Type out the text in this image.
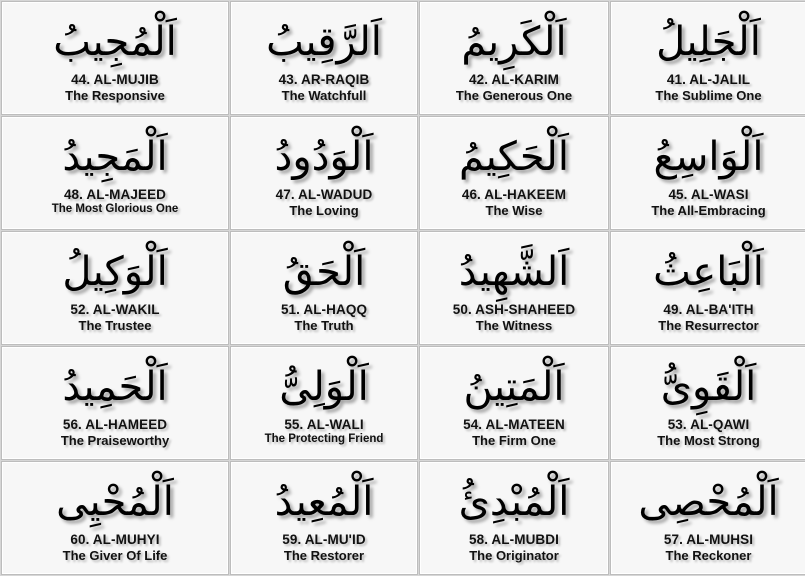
اَلْمُجِيبُ
44. AL-MUJIB
The Responsive
اَلرَّقِيبُ
43. AR-RAQIB
The Watchfull
اَلْكَرِيمُ
42. AL-KARIM
The Generous One
اَلْجَلِيلُ
41. AL-JALIL
The Sublime One
اَلْمَجِيدُ
48. AL-MAJEED
The Most Glorious One
اَلْوَدُودُ
47. AL-WADUD
The Loving
اَلْحَكِيمُ
46. AL-HAKEEM
The Wise
اَلْوَاسِعُ
45. AL-WASI
The All-Embracing
اَلْوَكِيلُ
52. AL-WAKIL
The Trustee
اَلْحَقُ
51. AL-HAQQ
The Truth
اَلشَّهِيدُ
50. ASH-SHAHEED
The Witness
اَلْبَاعِثُ
49. AL-BA'ITH
The Resurrector
اَلْحَمِيدُ
56. AL-HAMEED
The Praiseworthy
اَلْوَلِىُّ
55. AL-WALI
The Protecting Friend
اَلْمَتِينُ
54. AL-MATEEN
The Firm One
اَلْقَوِىُّ
53. AL-QAWI
The Most Strong
اَلْمُحْيِى
60. AL-MUHYI
The Giver Of Life
اَلْمُعِيدُ
59. AL-MU'ID
The Restorer
اَلْمُبْدِئُ
58. AL-MUBDI
The Originator
اَلْمُحْصِى
57. AL-MUHSI
The Reckoner
